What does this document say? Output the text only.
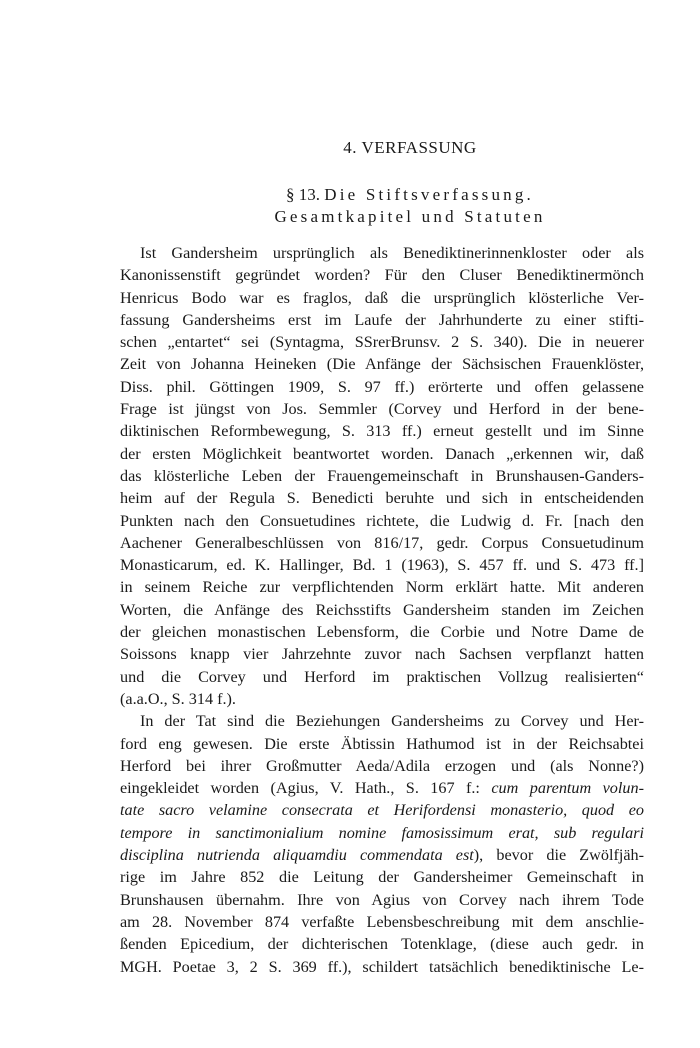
4. VERFASSUNG
§ 13. Die Stiftsverfassung.
Gesamtkapitel und Statuten
Ist Gandersheim ursprünglich als Benediktinerinnenkloster oder als
Kanonissenstift gegründet worden? Für den Cluser Benediktinermönch
Henricus Bodo war es fraglos, daß die ursprünglich klösterliche Ver-
fassung Gandersheims erst im Laufe der Jahrhunderte zu einer stifti-
schen „entartet“ sei (Syntagma, SSrerBrunsv. 2 S. 340). Die in neuerer
Zeit von Johanna Heineken (Die Anfänge der Sächsischen Frauenklöster,
Diss. phil. Göttingen 1909, S. 97 ff.) erörterte und offen gelassene
Frage ist jüngst von Jos. Semmler (Corvey und Herford in der bene-
diktinischen Reformbewegung, S. 313 ff.) erneut gestellt und im Sinne
der ersten Möglichkeit beantwortet worden. Danach „erkennen wir, daß
das klösterliche Leben der Frauengemeinschaft in Brunshausen-Ganders-
heim auf der Regula S. Benedicti beruhte und sich in entscheidenden
Punkten nach den Consuetudines richtete, die Ludwig d. Fr. [nach den
Aachener Generalbeschlüssen von 816/17, gedr. Corpus Consuetudinum
Monasticarum, ed. K. Hallinger, Bd. 1 (1963), S. 457 ff. und S. 473 ff.]
in seinem Reiche zur verpflichtenden Norm erklärt hatte. Mit anderen
Worten, die Anfänge des Reichsstifts Gandersheim standen im Zeichen
der gleichen monastischen Lebensform, die Corbie und Notre Dame de
Soissons knapp vier Jahrzehnte zuvor nach Sachsen verpflanzt hatten
und die Corvey und Herford im praktischen Vollzug realisierten“
(a.a.O., S. 314 f.).
In der Tat sind die Beziehungen Gandersheims zu Corvey und Her-
ford eng gewesen. Die erste Äbtissin Hathumod ist in der Reichsabtei
Herford bei ihrer Großmutter Aeda/Adila erzogen und (als Nonne?)
eingekleidet worden (Agius, V. Hath., S. 167 f.: cum parentum volun-
tate sacro velamine consecrata et Herifordensi monasterio, quod eo
tempore in sanctimonialium nomine famosissimum erat, sub regulari
disciplina nutrienda aliquamdiu commendata est), bevor die Zwölfjäh-
rige im Jahre 852 die Leitung der Gandersheimer Gemeinschaft in
Brunshausen übernahm. Ihre von Agius von Corvey nach ihrem Tode
am 28. November 874 verfaßte Lebensbeschreibung mit dem anschlie-
ßenden Epicedium, der dichterischen Totenklage, (diese auch gedr. in
MGH. Poetae 3, 2 S. 369 ff.), schildert tatsächlich benediktinische Le-
